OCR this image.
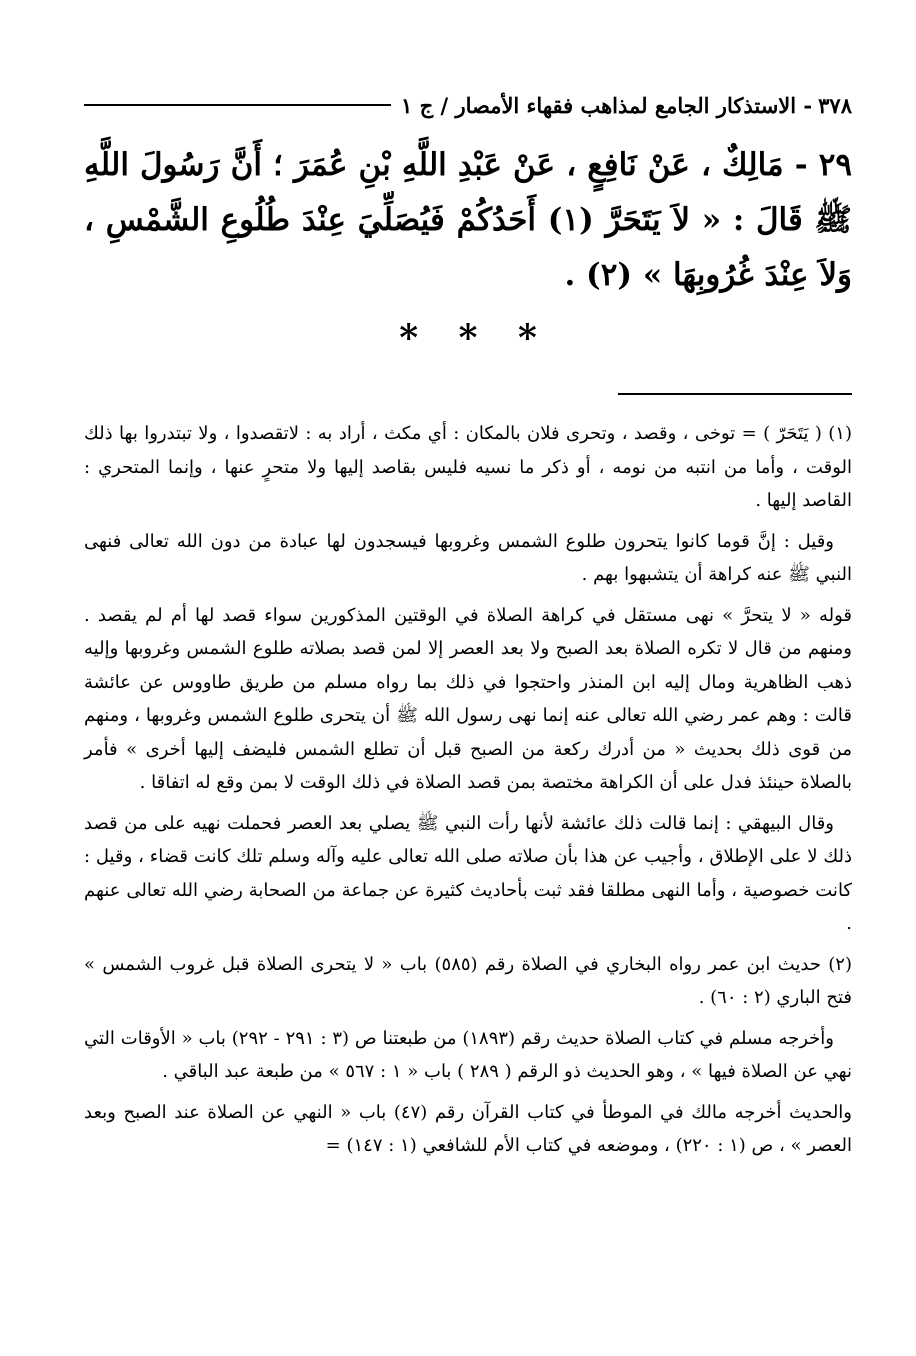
٣٧٨
- الاستذكار الجامع لمذاهب فقهاء الأمصار / ج ١
٢٩ - مَالِكٌ ، عَنْ نَافِعٍ ، عَنْ عَبْدِ اللَّهِ بْنِ عُمَرَ ؛ أَنَّ رَسُولَ اللَّهِ ﷺ قَالَ : « لاَ يَتَحَرَّ (١) أَحَدُكُمْ فَيُصَلِّيَ عِنْدَ طُلُوعِ الشَّمْسِ ، وَلاَ عِنْدَ غُرُوبِهَا » (٢) .
* * *

(١) ( يَتَحَرّ ) = توخى ، وقصد ، وتحرى فلان بالمكان : أي مكث ، أراد به : لاتقصدوا ، ولا تبتدروا بها ذلك الوقت ، وأما من انتبه من نومه ، أو ذكر ما نسيه فليس بقاصد إليها ولا متحرٍ عنها ، وإنما المتحري : القاصد إليها .

وقيل : إنَّ قوما كانوا يتحرون طلوع الشمس وغروبها فيسجدون لها عبادة من دون الله تعالى فنهى النبي ﷺ عنه كراهة أن يتشبهوا بهم .

قوله « لا يتحرَّ » نهى مستقل في كراهة الصلاة في الوقتين المذكورين سواء قصد لها أم لم يقصد . ومنهم من قال لا تكره الصلاة بعد الصبح ولا بعد العصر إلا لمن قصد بصلاته طلوع الشمس وغروبها وإليه ذهب الظاهرية ومال إليه ابن المنذر واحتجوا في ذلك بما رواه مسلم من طريق طاووس عن عائشة قالت : وهم عمر رضي الله تعالى عنه إنما نهى رسول الله ﷺ أن يتحرى طلوع الشمس وغروبها ، ومنهم من قوى ذلك بحديث « من أدرك ركعة من الصبح قبل أن تطلع الشمس فليضف إليها أخرى » فأمر بالصلاة حينئذ فدل على أن الكراهة مختصة بمن قصد الصلاة في ذلك الوقت لا بمن وقع له اتفاقا .

وقال البيهقي : إنما قالت ذلك عائشة لأنها رأت النبي ﷺ يصلي بعد العصر فحملت نهيه على من قصد ذلك لا على الإطلاق ، وأجيب عن هذا بأن صلاته صلى الله تعالى عليه وآله وسلم تلك كانت قضاء ، وقيل : كانت خصوصية ، وأما النهى مطلقا فقد ثبت بأحاديث كثيرة عن جماعة من الصحابة رضي الله تعالى عنهم .

(٢) حديث ابن عمر رواه البخاري في الصلاة رقم (٥٨٥) باب « لا يتحرى الصلاة قبل غروب الشمس » فتح الباري (٢ : ٦٠) .

وأخرجه مسلم في كتاب الصلاة حديث رقم (١٨٩٣) من طبعتنا ص (٣ : ٢٩١ - ٢٩٢) باب « الأوقات التي نهي عن الصلاة فيها » ، وهو الحديث ذو الرقم ( ٢٨٩ ) باب « ١ : ٥٦٧ » من طبعة عبد الباقي .

والحديث أخرجه مالك في الموطأ في كتاب القرآن رقم (٤٧) باب « النهي عن الصلاة عند الصبح وبعد العصر » ، ص (١ : ٢٢٠) ، وموضعه في كتاب الأم للشافعي (١ : ١٤٧) =
